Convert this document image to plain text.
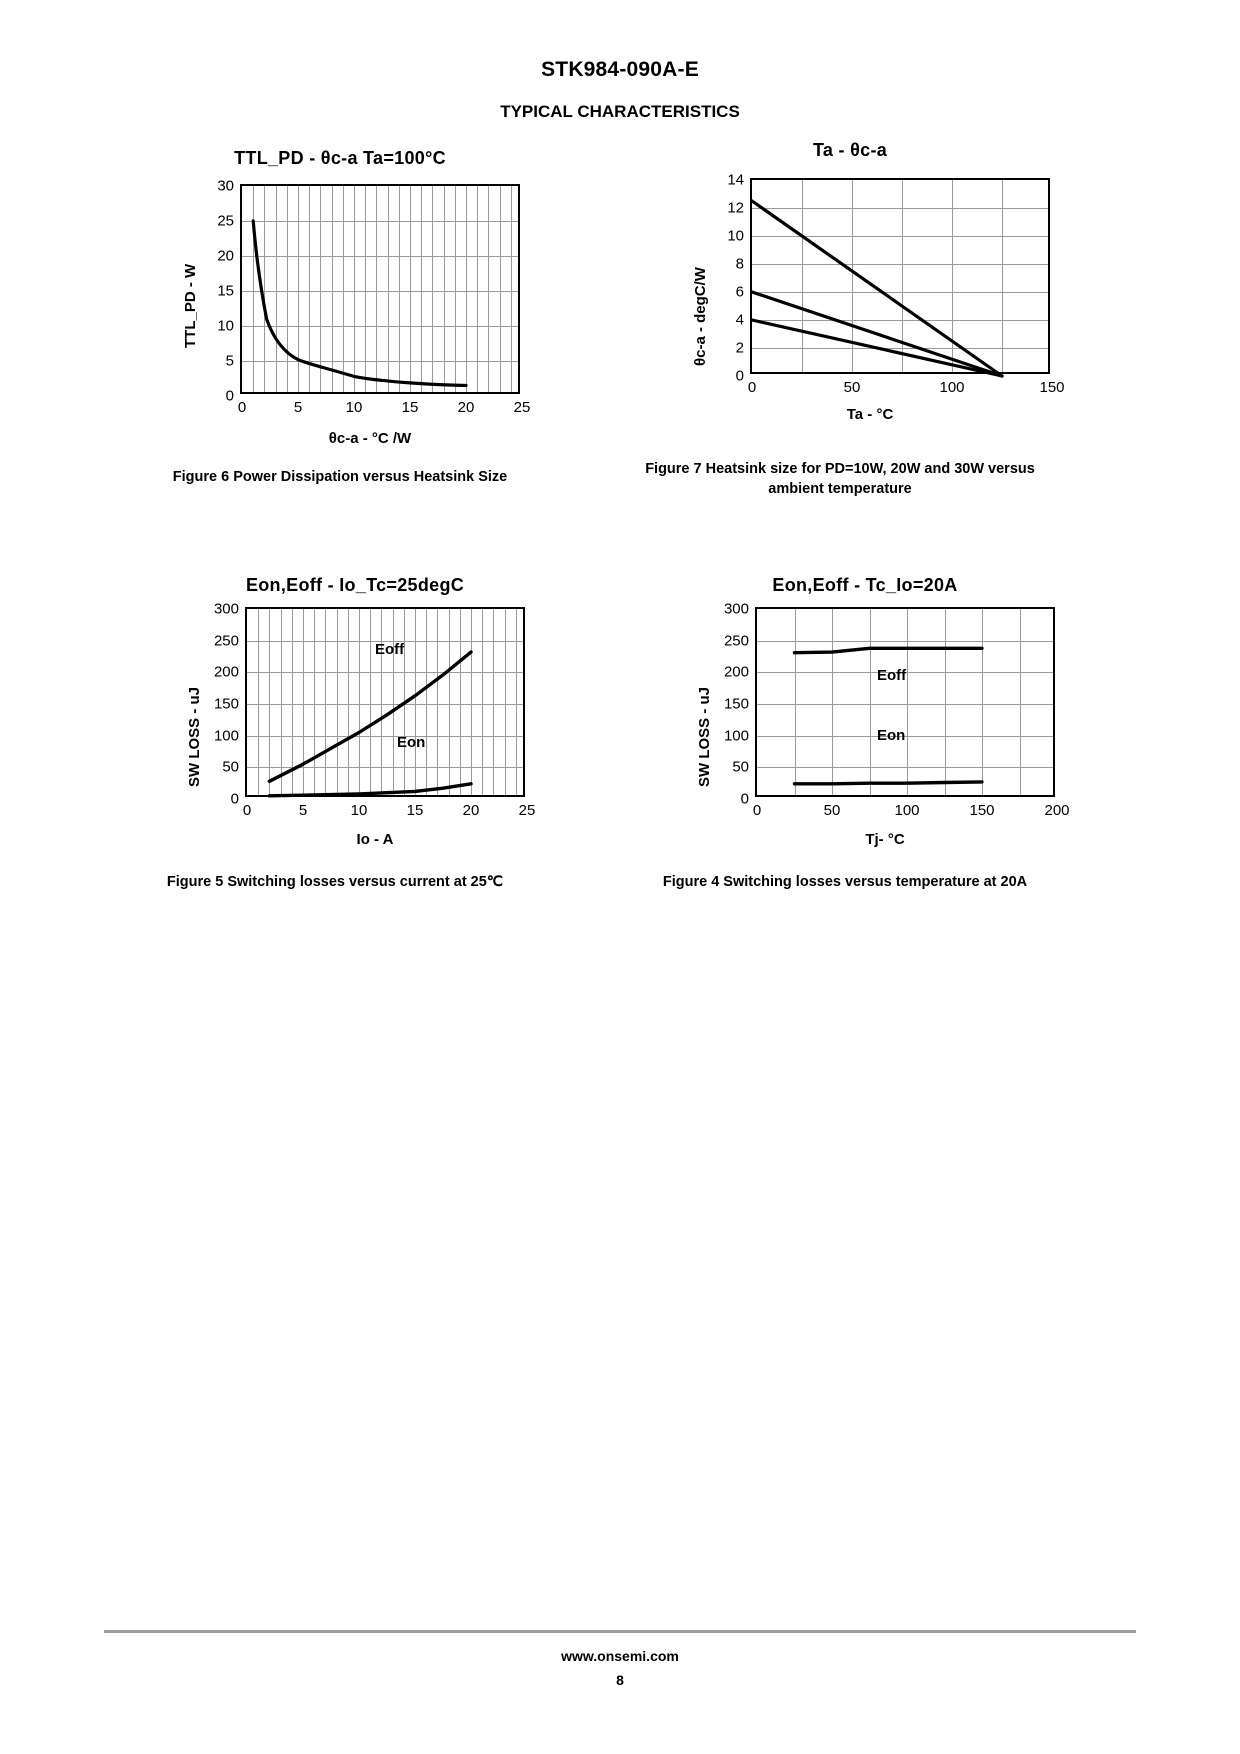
STK984-090A-E
TYPICAL CHARACTERISTICS
TTL_PD - θc-a Ta=100°C
30
25
20
15
10
5
0
0	5	10	15	20	25
TTL_PD - W
θc-a - °C /W
Figure 6 Power Dissipation versus Heatsink Size
Ta - θc-a
14
12
10
8
6
4
2
0
0	50	100	150
θc-a - degC/W
Ta - °C
Figure 7 Heatsink size for PD=10W, 20W and 30W versus ambient temperature
Eon,Eoff - Io_Tc=25degC
300
250
200
150
100
50
0
0	5	10	15	20	25
Eoff
Eon
SW LOSS - uJ
Io - A
Figure 5 Switching losses versus current at 25℃
Eon,Eoff - Tc_Io=20A
300
250
200
150
100
50
0
0	50	100	150	200
Eoff
Eon
SW LOSS - uJ
Tj- °C
Figure 4 Switching losses versus temperature at 20A
www.onsemi.com
8
